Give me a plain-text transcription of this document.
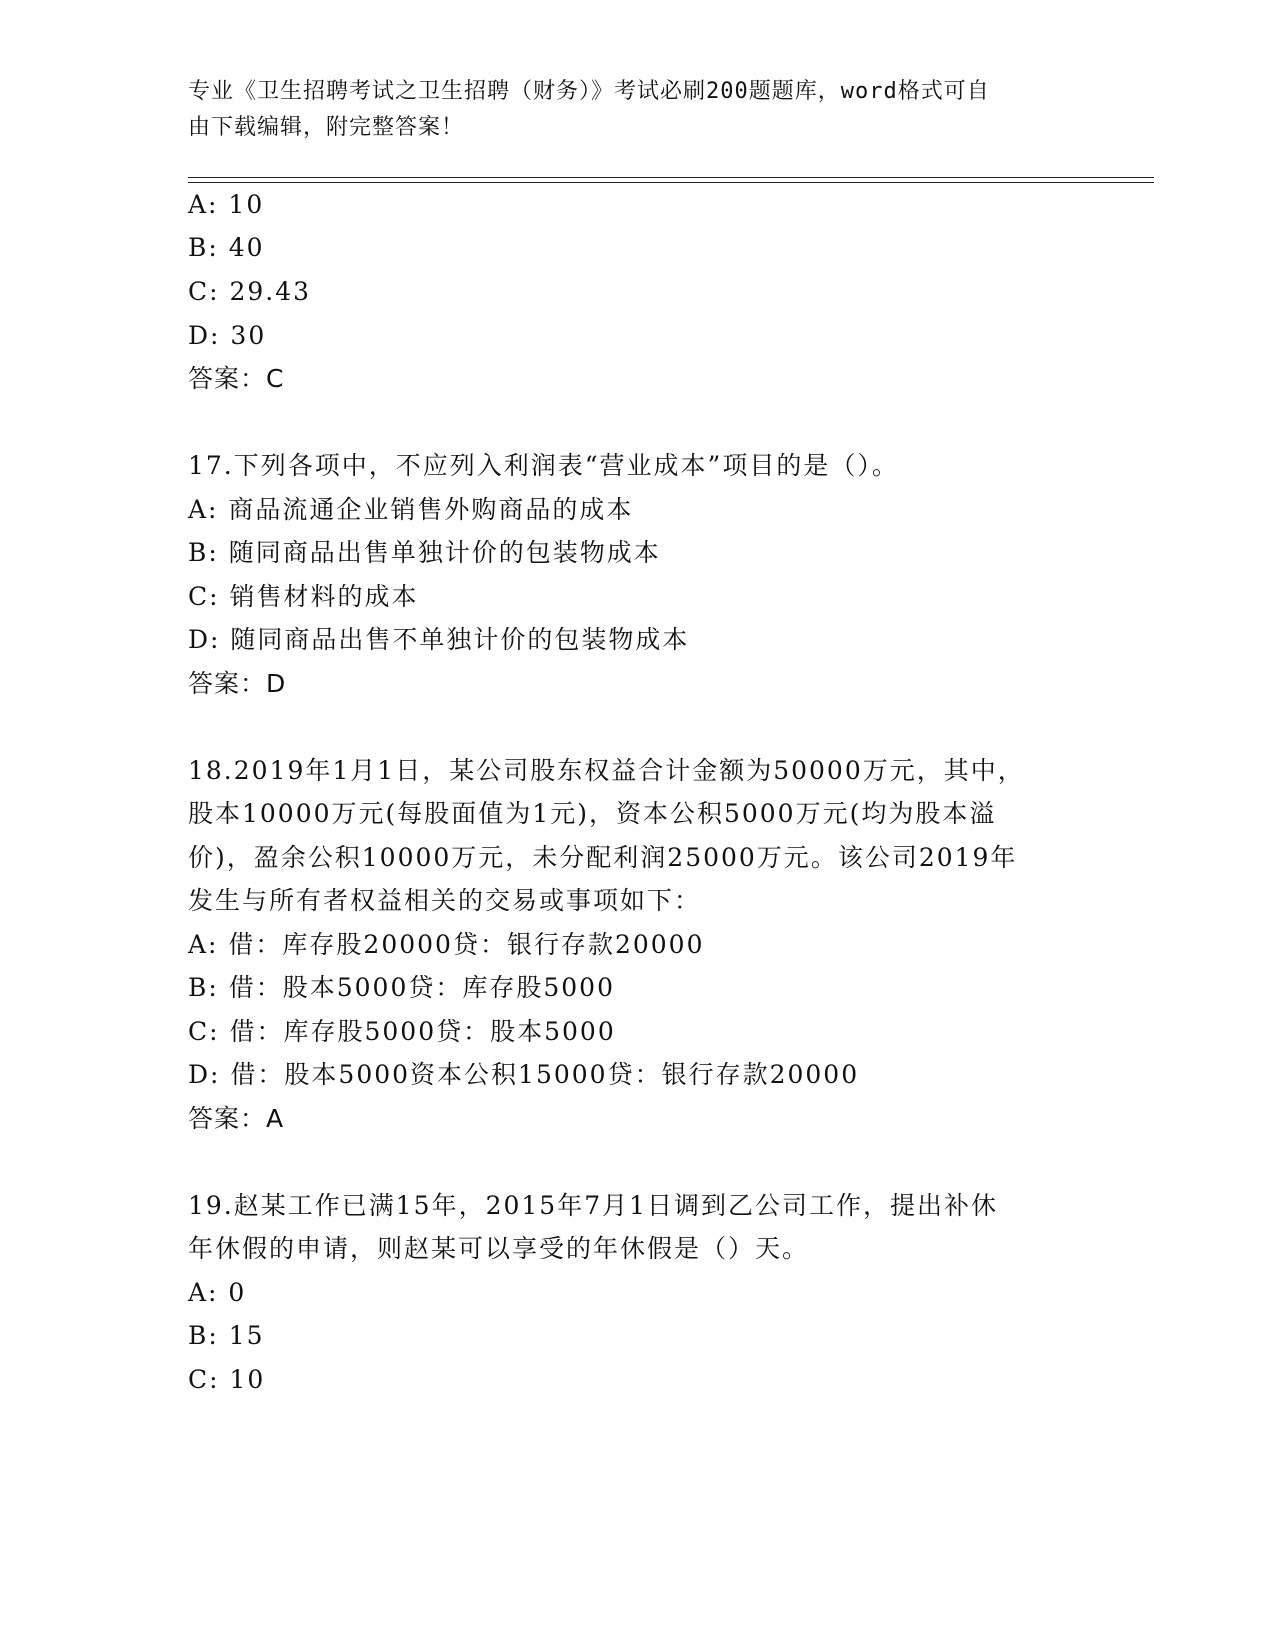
专业《卫生招聘考试之卫生招聘（财务）》考试必刷200题题库，word格式可自
由下载编辑，附完整答案！
A: 10
B: 40
C: 29.43
D: 30
答案：C
17.下列各项中，不应列入利润表“营业成本”项目的是（）。
A: 商品流通企业销售外购商品的成本
B: 随同商品出售单独计价的包装物成本
C: 销售材料的成本
D: 随同商品出售不单独计价的包装物成本
答案：D
18.2019年1月1日，某公司股东权益合计金额为50000万元，其中，
股本10000万元(每股面值为1元)，资本公积5000万元(均为股本溢
价)，盈余公积10000万元，未分配利润25000万元。该公司2019年
发生与所有者权益相关的交易或事项如下：
A: 借：库存股20000贷：银行存款20000
B: 借：股本5000贷：库存股5000
C: 借：库存股5000贷：股本5000
D: 借：股本5000资本公积15000贷：银行存款20000
答案：A
19.赵某工作已满15年，2015年7月1日调到乙公司工作，提出补休
年休假的申请，则赵某可以享受的年休假是（）天。
A: 0
B: 15
C: 10
